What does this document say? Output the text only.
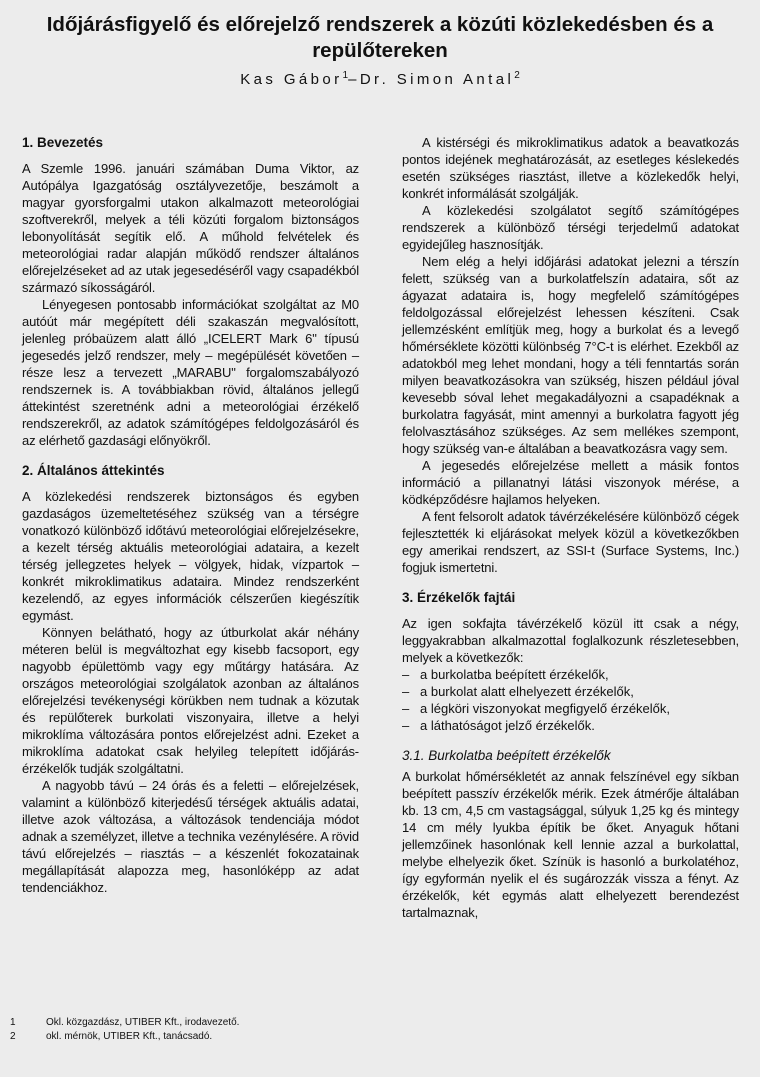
Időjárásfigyelő és előrejelző rendszerek a közúti közlekedésben és a repülőtereken
Kas Gábor$^1$–Dr. Simon Antal$^2$
1. Bevezetés

A Szemle 1996. januári számában Duma Viktor, az Autópálya Igazgatóság osztályvezetője, beszámolt a magyar gyorsforgalmi utakon alkalmazott meteorológiai szoftverekről, melyek a téli közúti forgalom biztonságos lebonyolítását segítik elő. A műhold felvételek és meteorológiai radar alapján működő rendszer általános előrejelzéseket ad az utak jegesedéséről vagy csapadékból származó síkosságáról.

Lényegesen pontosabb információkat szolgáltat az M0 autóút már megépített déli szakaszán megvalósított, jelenleg próbaüzem alatt álló „ICELERT Mark 6" típusú jegesedés jelző rendszer, mely – megépülését követően – része lesz a tervezett „MARABU" forgalomszabályozó rendszernek is. A továbbiakban rövid, általános jellegű áttekintést szeretnénk adni a meteorológiai érzékelő rendszerekről, az adatok számítógépes feldolgozásáról és az elérhető gazdasági előnyökről.

2. Általános áttekintés

A közlekedési rendszerek biztonságos és egyben gazdaságos üzemeltetéséhez szükség van a térségre vonatkozó különböző időtávú meteorológiai előrejelzésekre, a kezelt térség aktuális meteorológiai adataira, a kezelt térség jellegzetes helyek – völgyek, hidak, vízpartok – konkrét mikroklimatikus adataira. Mindez rendszerként kezelendő, az egyes információk célszerűen kiegészítik egymást.

Könnyen belátható, hogy az útburkolat akár néhány méteren belül is megváltozhat egy kisebb facsoport, egy nagyobb épülettömb vagy egy műtárgy hatására. Az országos meteorológiai szolgálatok azonban az általános előrejelzési tevékenységi körükben nem tudnak a közutak és repülőterek burkolati viszonyaira, illetve a helyi mikroklíma változására pontos előrejelzést adni. Ezeket a mikroklíma adatokat csak helyileg telepített időjárás-érzékelők tudják szolgáltatni.

A nagyobb távú – 24 órás és a feletti – előrejelzések, valamint a különböző kiterjedésű térségek aktuális adatai, illetve azok változása, a változások tendenciája módot adnak a személyzet, illetve a technika vezénylésére. A rövid távú előrejelzés – riasztás – a készenlét fokozatainak megállapítását alapozza meg, hasonlóképp az adat tendenciákhoz.

A kistérségi és mikroklimatikus adatok a beavatkozás pontos idejének meghatározását, az esetleges késlekedés esetén szükséges riasztást, illetve a közlekedők helyi, konkrét informálását szolgálják.

A közlekedési szolgálatot segítő számítógépes rendszerek a különböző térségi terjedelmű adatokat egyidejűleg hasznosítják.

Nem elég a helyi időjárási adatokat jelezni a térszín felett, szükség van a burkolatfelszín adataira, sőt az ágyazat adataira is, hogy megfelelő számítógépes feldolgozással előrejelzést lehessen készíteni. Csak jellemzésként említjük meg, hogy a burkolat és a levegő hőmérséklete közötti különbség 7°C-t is elérhet. Ezekből az adatokból meg lehet mondani, hogy a téli fenntartás során milyen beavatkozásokra van szükség, hiszen például jóval kevesebb sóval lehet megakadályozni a csapadéknak a burkolatra fagyását, mint amennyi a burkolatra fagyott jég felolvasztásához szükséges. Az sem mellékes szempont, hogy szükség van-e általában a beavatkozásra vagy sem.

A jegesedés előrejelzése mellett a másik fontos információ a pillanatnyi látási viszonyok mérése, a ködképződésre hajlamos helyeken.

A fent felsorolt adatok távérzékelésére különböző cégek fejlesztették ki eljárásokat melyek közül a következőkben egy amerikai rendszert, az SSI-t (Surface Systems, Inc.) fogjuk ismertetni.

3. Érzékelők fajtái

Az igen sokfajta távérzékelő közül itt csak a négy, leggyakrabban alkalmazottal foglalkozunk részletesebben, melyek a következők:

– a burkolatba beépített érzékelők,
– a burkolat alatt elhelyezett érzékelők,
– a légköri viszonyokat megfigyelő érzékelők,
– a láthatóságot jelző érzékelők.
3.1. Burkolatba beépített érzékelők

A burkolat hőmérsékletét az annak felszínével egy síkban beépített passzív érzékelők mérik. Ezek átmérője általában kb. 13 cm, 4,5 cm vastagsággal, súlyuk 1,25 kg és mintegy 14 cm mély lyukba építik be őket. Anyaguk hőtani jellemzőinek hasonlónak kell lennie azzal a burkolattal, melybe elhelyezik őket. Színük is hasonló a burkolatéhoz, így egyformán nyelik el és sugározzák vissza a fényt. Az érzékelők, két egymás alatt elhelyezett berendezést tartalmaznak,

1	Okl. közgazdász, UTIBER Kft., irodavezető.
2	okl. mérnök, UTIBER Kft., tanácsadó.
